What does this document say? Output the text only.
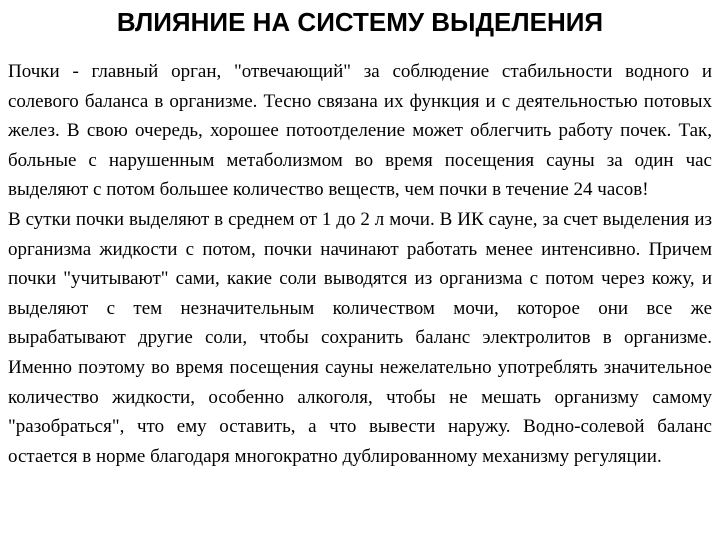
ВЛИЯНИЕ НА СИСТЕМУ ВЫДЕЛЕНИЯ

Почки - главный орган, "отвечающий" за соблюдение стабильности водного и солевого баланса в организме. Тесно связана их функция и с деятельностью потовых желез. В свою очередь, хорошее потоотделение может облегчить работу почек. Так, больные с нарушенным метаболизмом во время посещения сауны за один час выделяют с потом большее количество веществ, чем почки в течение 24 часов!

В сутки почки выделяют в среднем от 1 до 2 л мочи. В ИК сауне, за счет выделения из организма жидкости с потом, почки начинают работать менее интенсивно. Причем почки "учитывают" сами, какие соли выводятся из организма с потом через кожу, и выделяют с тем незначительным количеством мочи, которое они все же вырабатывают другие соли, чтобы сохранить баланс электролитов в организме. Именно поэтому во время посещения сауны нежелательно употреблять значительное количество жидкости, особенно алкоголя, чтобы не мешать организму самому "разобраться", что ему оставить, а что вывести наружу. Водно-солевой баланс остается в норме благодаря многократно дублированному механизму регуляции.
